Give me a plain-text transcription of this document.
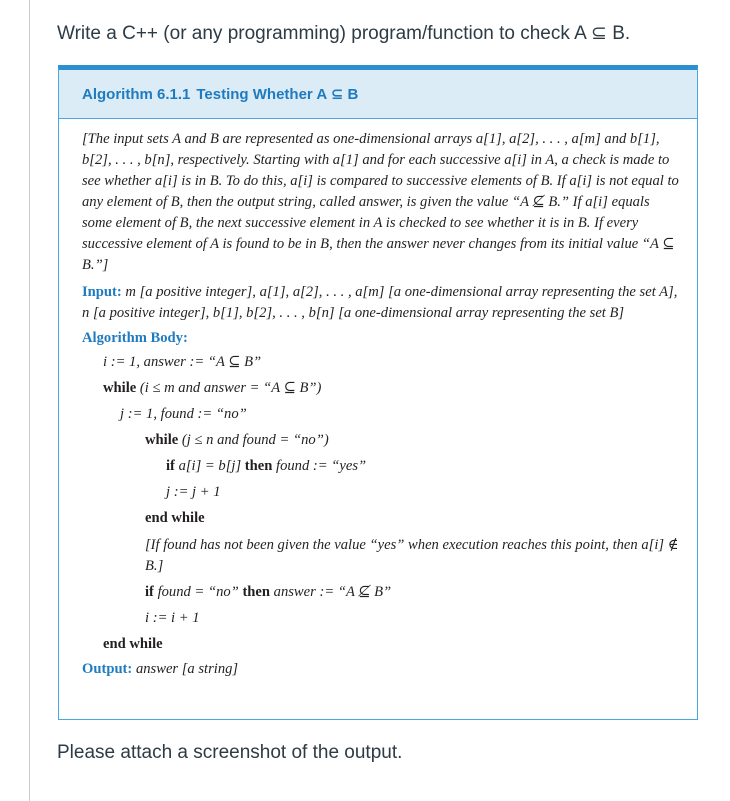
Write a C++ (or any programming) program/function to check A ⊆ B.
Algorithm 6.1.1 Testing Whether A ⊆ B

[The input sets A and B are represented as one-dimensional arrays a[1], a[2], . . . , a[m] and b[1], b[2], . . . , b[n], respectively. Starting with a[1] and for each successive a[i] in A, a check is made to see whether a[i] is in B. To do this, a[i] is compared to successive elements of B. If a[i] is not equal to any element of B, then the output string, called answer, is given the value “A ⊈ B.” If a[i] equals some element of B, the next successive element in A is checked to see whether it is in B. If every successive element of A is found to be in B, then the answer never changes from its initial value “A ⊆ B.”]

Input: m [a positive integer], a[1], a[2], . . . , a[m] [a one-dimensional array representing the set A], n [a positive integer], b[1], b[2], . . . , b[n] [a one-dimensional array representing the set B]
Algorithm Body:
i := 1, answer := “A ⊆ B”
while (i ≤ m and answer = “A ⊆ B”)
j := 1, found := “no”
while (j ≤ n and found = “no”)
if a[i] = b[j] then found := “yes”
j := j + 1
end while
[If found has not been given the value “yes” when execution reaches this point, then a[i] ∉ B.]
if found = “no” then answer := “A ⊈ B”
i := i + 1
end while
Output: answer [a string]
Please attach a screenshot of the output.
